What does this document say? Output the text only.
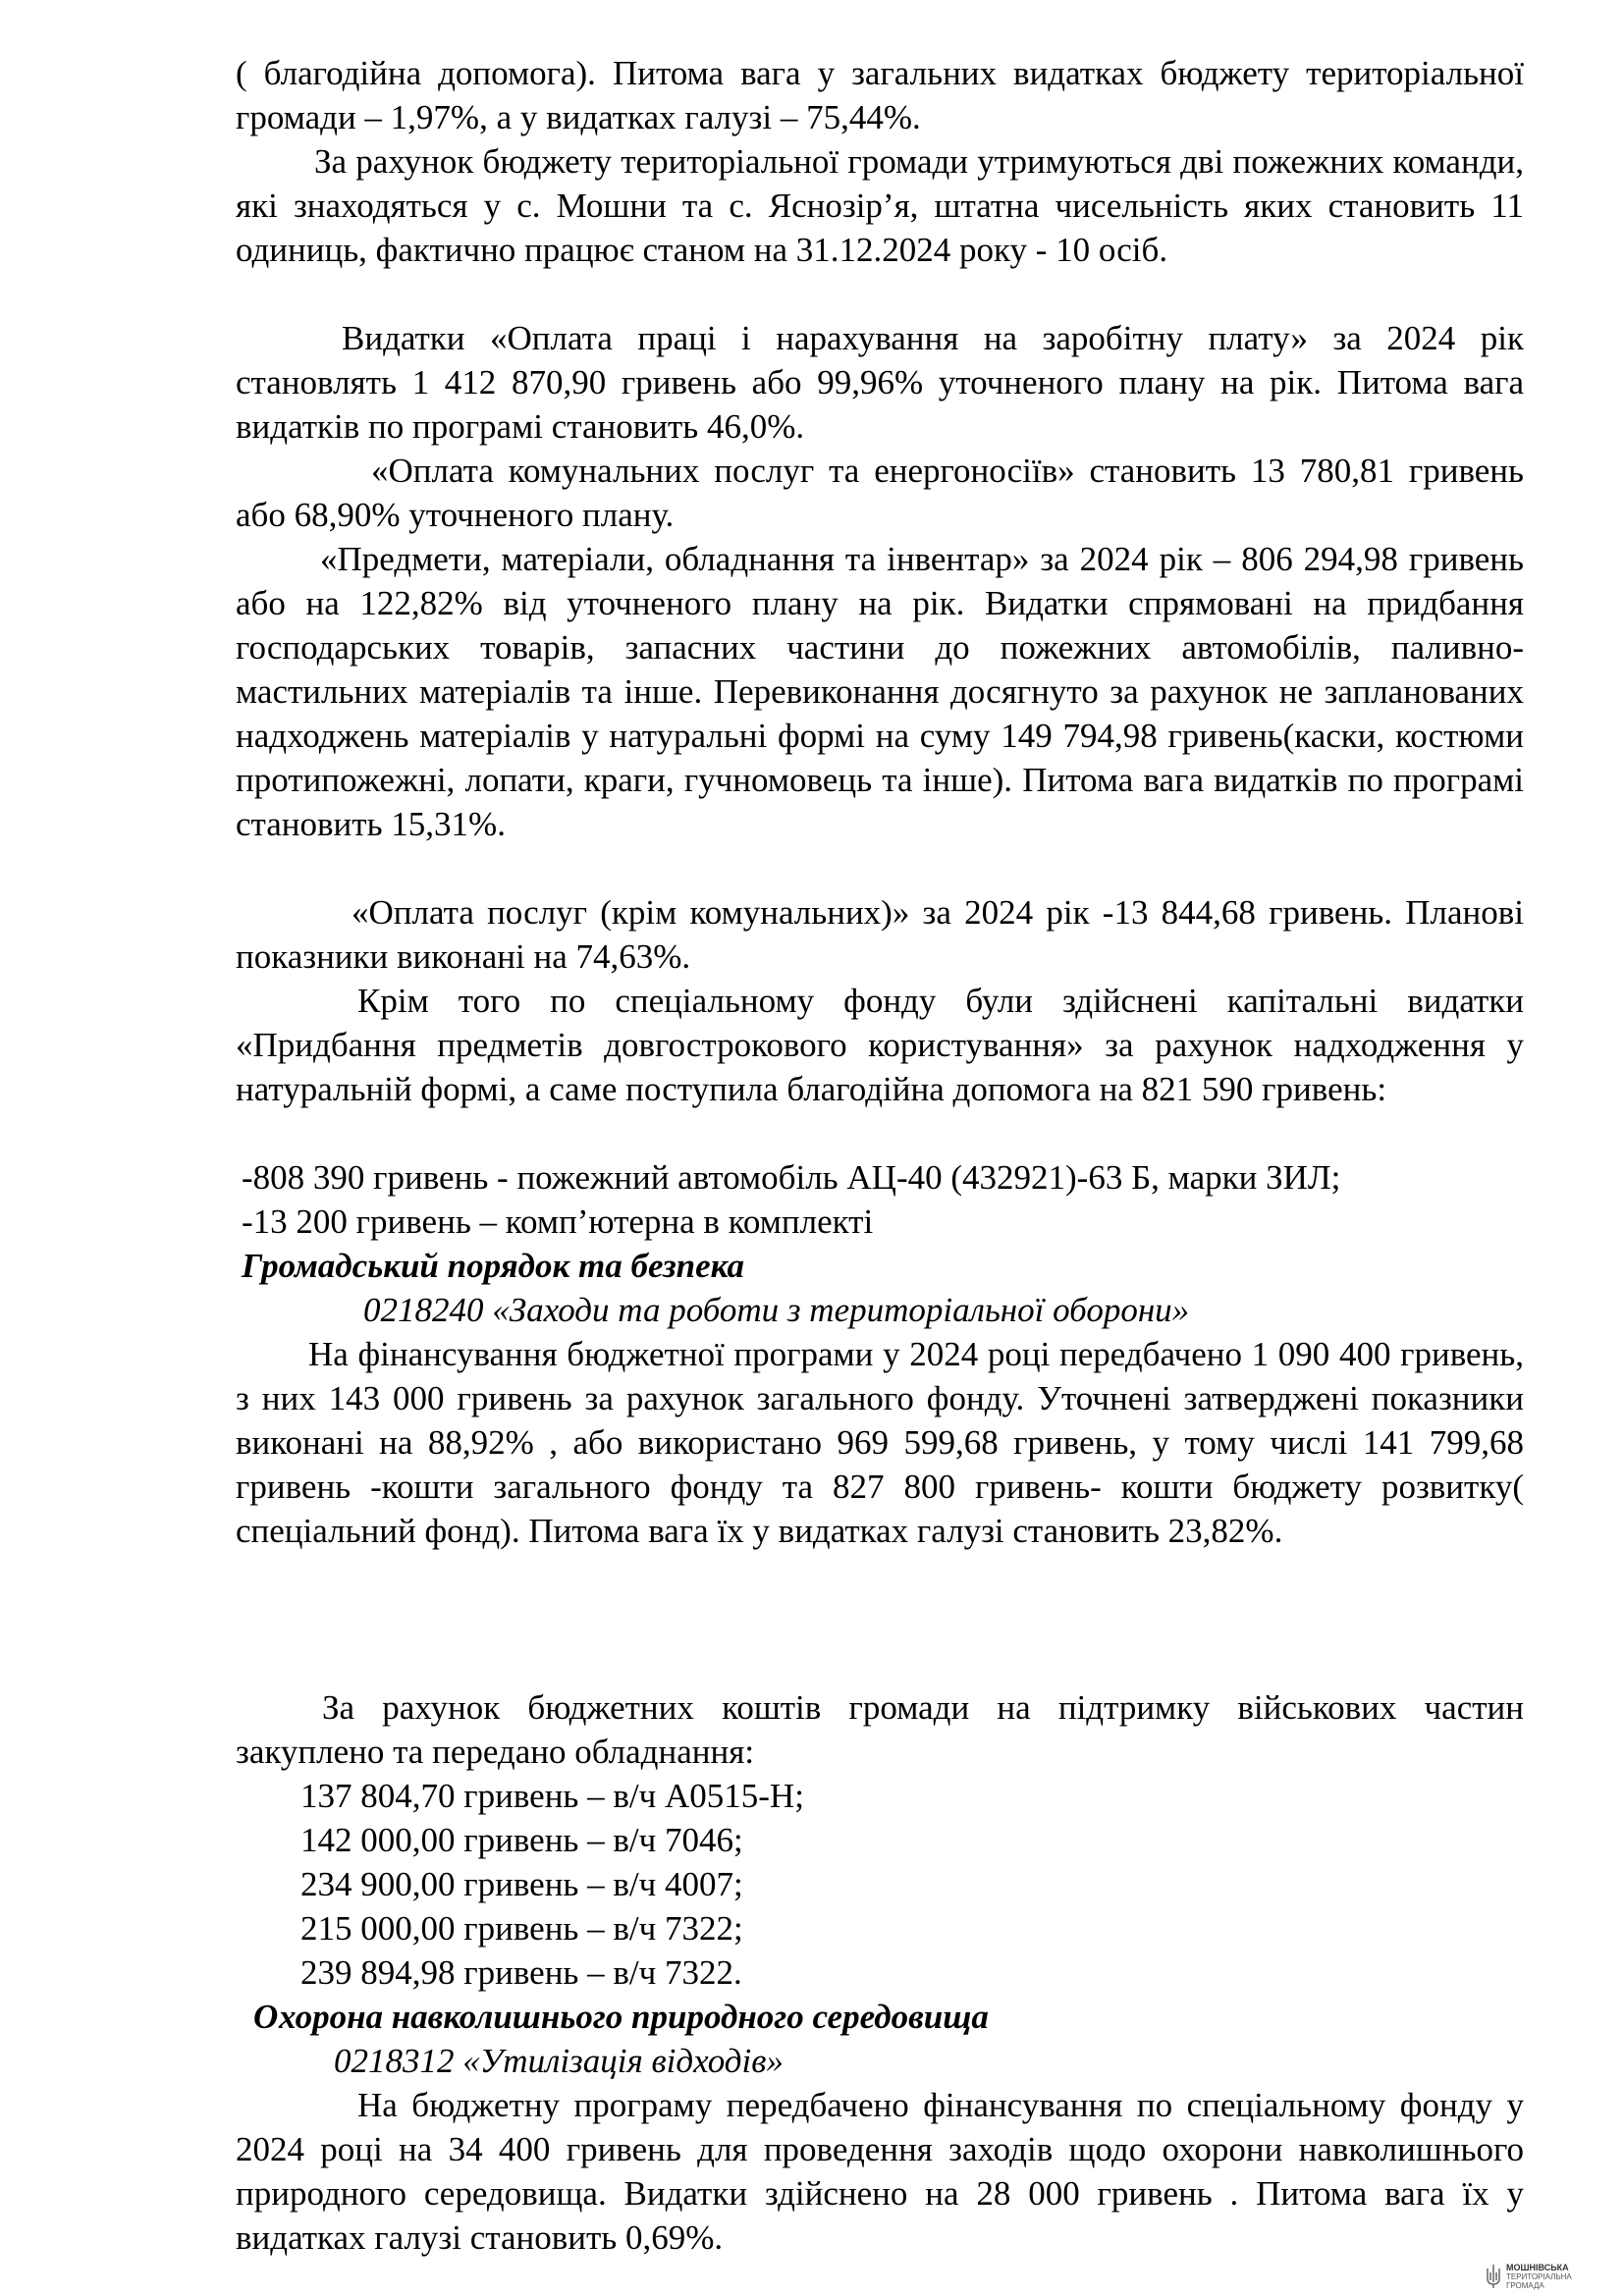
( благодійна допомога). Питома вага у загальних видатках бюджету територіальної громади – 1,97%, а у видатках галузі – 75,44%.

За рахунок бюджету територіальної громади утримуються дві пожежних команди, які знаходяться у с. Мошни та с. Яснозір’я, штатна чисельність яких становить 11 одиниць, фактично працює станом на 31.12.2024 року - 10 осіб.

Видатки «Оплата праці і нарахування на заробітну плату» за 2024 рік становлять 1 412 870,90 гривень або 99,96% уточненого плану на рік. Питома вага видатків по програмі становить 46,0%.

«Оплата комунальних послуг та енергоносіїв» становить 13 780,81 гривень або 68,90% уточненого плану.

«Предмети, матеріали, обладнання та інвентар» за 2024 рік – 806 294,98 гривень або на 122,82% від уточненого плану на рік. Видатки спрямовані на придбання господарських товарів, запасних частини до пожежних автомобілів, паливно-мастильних матеріалів та інше. Перевиконання досягнуто за рахунок не запланованих надходжень матеріалів у натуральні формі на суму 149 794,98 гривень(каски, костюми протипожежні, лопати, краги, гучномовець та інше). Питома вага видатків по програмі становить 15,31%.

«Оплата послуг (крім комунальних)» за 2024 рік -13 844,68 гривень. Планові показники виконані на 74,63%.

Крім того по спеціальному фонду були здійснені капітальні видатки «Придбання предметів довгострокового користування» за рахунок надходження у натуральній формі, а саме поступила благодійна допомога на 821 590 гривень:

-808 390 гривень - пожежний автомобіль АЦ-40 (432921)-63 Б, марки ЗИЛ;
-13 200 гривень – комп’ютерна в комплекті
Громадський порядок та безпека
0218240 «Заходи та роботи з територіальної оборони»

На фінансування бюджетної програми у 2024 році передбачено 1 090 400 гривень, з них 143 000 гривень за рахунок загального фонду. Уточнені затверджені показники виконані на 88,92% , або використано 969 599,68 гривень, у тому числі 141 799,68 гривень -кошти загального фонду та 827 800 гривень- кошти бюджету розвитку( спеціальний фонд). Питома вага їх у видатках галузі становить 23,82%.

За рахунок бюджетних коштів громади на підтримку військових частин закуплено та передано обладнання:

137 804,70 гривень – в/ч А0515-Н;
142 000,00 гривень – в/ч 7046;
234 900,00 гривень – в/ч 4007;
215 000,00 гривень – в/ч 7322;
239 894,98 гривень – в/ч 7322.
Охорона навколишнього природного середовища
0218312 «Утилізація відходів»

На бюджетну програму передбачено фінансування по спеціальному фонду у 2024 році на 34 400 гривень для проведення заходів щодо охорони навколишнього природного середовища. Видатки здійснено на 28 000 гривень . Питома вага їх у видатках галузі становить 0,69%.

МОШНІВСЬКА
ТЕРИТОРІАЛЬНА
ГРОМАДА
